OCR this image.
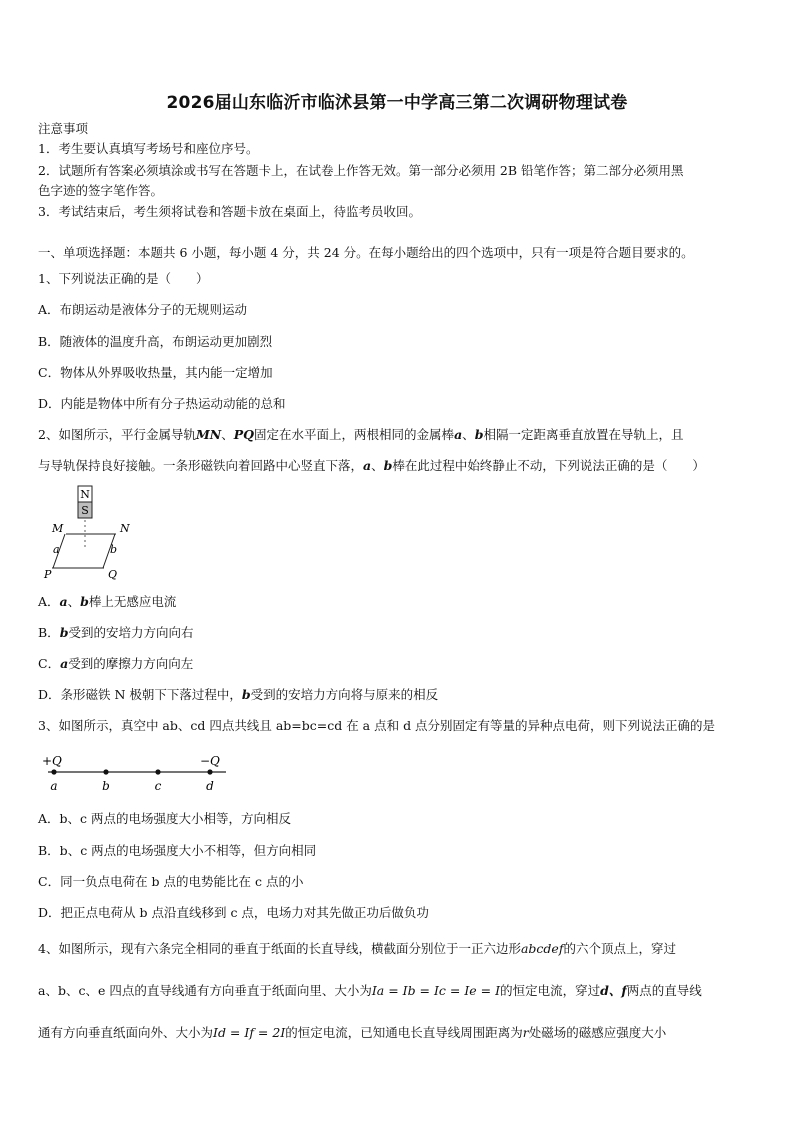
2026届山东临沂市临沭县第一中学高三第二次调研物理试卷
注意事项
1．考生要认真填写考场号和座位序号。
2．试题所有答案必须填涂或书写在答题卡上，在试卷上作答无效。第一部分必须用 2B 铅笔作答；第二部分必须用黑
色字迹的签字笔作答。
3．考试结束后，考生须将试卷和答题卡放在桌面上，待监考员收回。
一、单项选择题：本题共 6 小题，每小题 4 分，共 24 分。在每小题给出的四个选项中，只有一项是符合题目要求的。
1、下列说法正确的是（　　）
A．布朗运动是液体分子的无规则运动
B．随液体的温度升高，布朗运动更加剧烈
C．物体从外界吸收热量，其内能一定增加
D．内能是物体中所有分子热运动动能的总和
2、如图所示，平行金属导轨MN、PQ固定在水平面上，两根相同的金属棒a、b相隔一定距离垂直放置在导轨上，且
与导轨保持良好接触。一条形磁铁向着回路中心竖直下落，a、b棒在此过程中始终静止不动，下列说法正确的是（　　）
N
S
M	N
a	b
P	Q
A．a、b棒上无感应电流
B．b受到的安培力方向向右
C．a受到的摩擦力方向向左
D．条形磁铁 N 极朝下下落过程中，b受到的安培力方向将与原来的相反
3、如图所示，真空中 ab、cd 四点共线且 ab=bc=cd 在 a 点和 d 点分别固定有等量的异种点电荷，则下列说法正确的是
+Q	−Q
a	b	c	d
A．b、c 两点的电场强度大小相等，方向相反
B．b、c 两点的电场强度大小不相等，但方向相同
C．同一负点电荷在 b 点的电势能比在 c 点的小
D．把正点电荷从 b 点沿直线移到 c 点，电场力对其先做正功后做负功
4、如图所示，现有六条完全相同的垂直于纸面的长直导线，横截面分别位于一正六边形abcdef的六个顶点上，穿过
a、b、c、e 四点的直导线通有方向垂直于纸面向里、大小为Ia = Ib = Ic = Ie = I的恒定电流，穿过d、f两点的直导线
通有方向垂直纸面向外、大小为Id = If = 2I的恒定电流，已知通电长直导线周围距离为r处磁场的磁感应强度大小
